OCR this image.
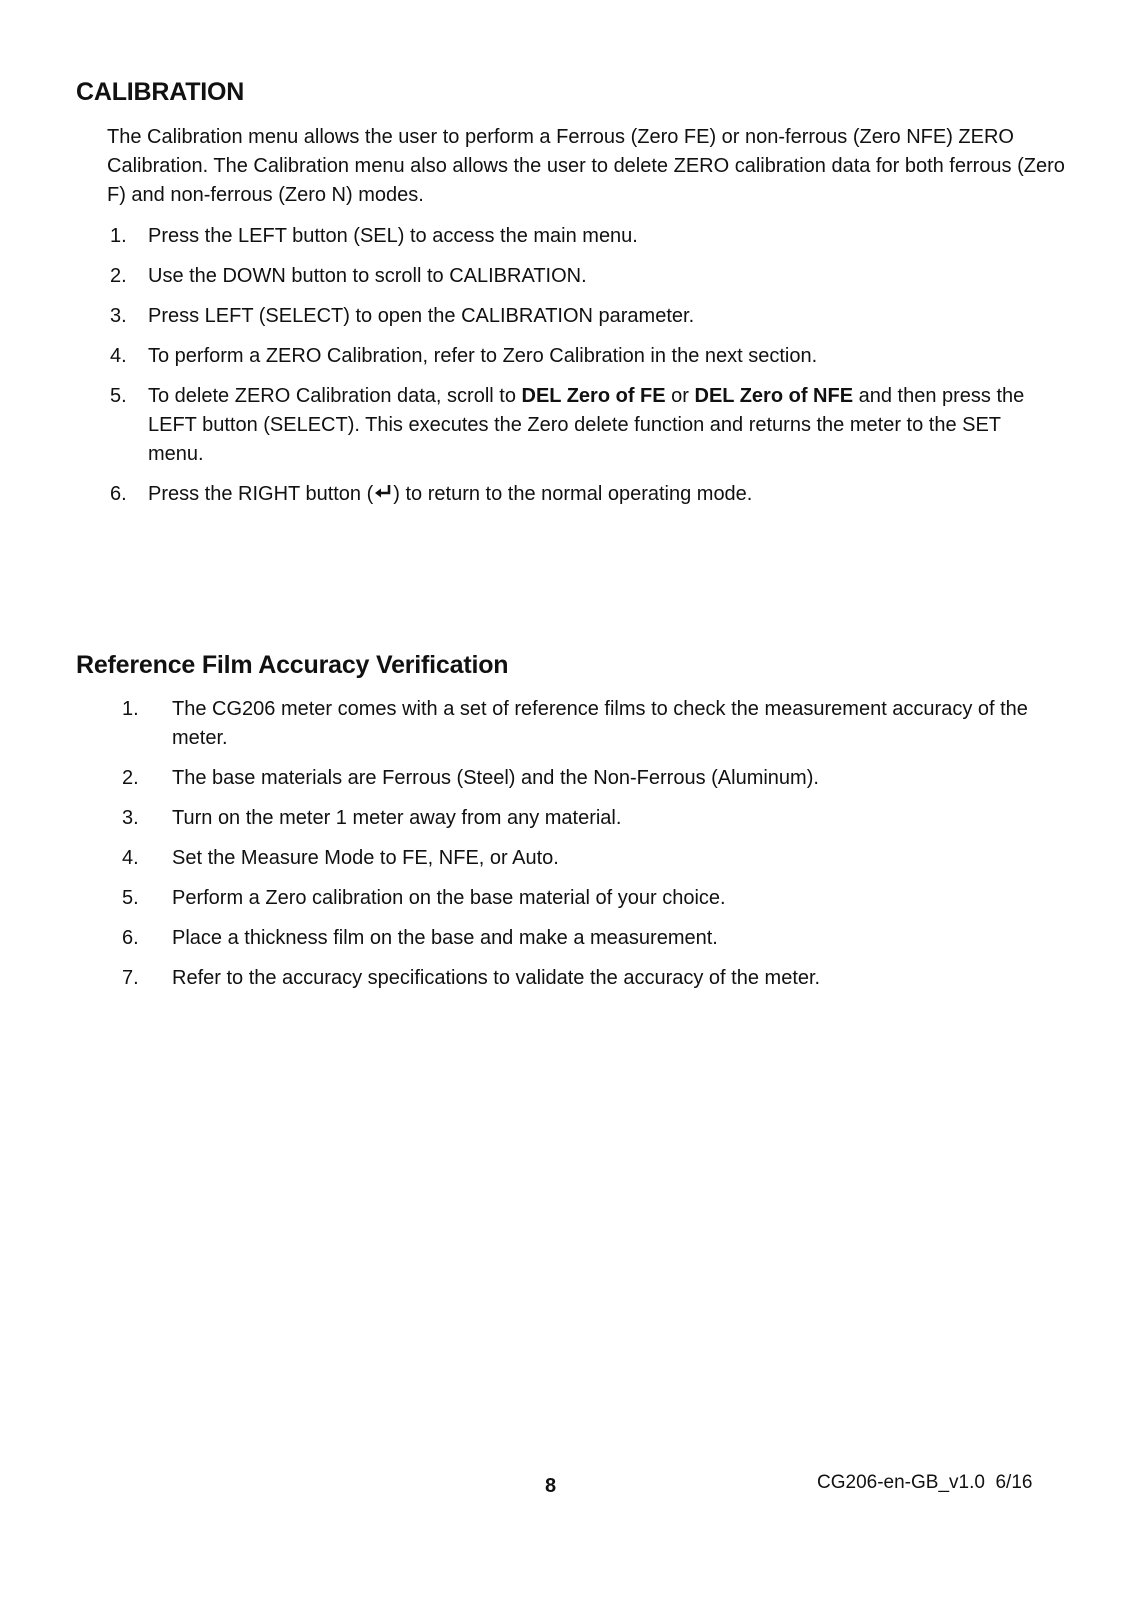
CALIBRATION

The Calibration menu allows the user to perform a Ferrous (Zero FE) or non-ferrous (Zero NFE) ZERO Calibration. The Calibration menu also allows the user to delete ZERO calibration data for both ferrous (Zero F) and non-ferrous (Zero N) modes.

1. Press the LEFT button (SEL) to access the main menu.
2. Use the DOWN button to scroll to CALIBRATION.
3. Press LEFT (SELECT) to open the CALIBRATION parameter.
4. To perform a ZERO Calibration, refer to Zero Calibration in the next section.
5. To delete ZERO Calibration data, scroll to DEL Zero of FE or DEL Zero of NFE and then press the LEFT button (SELECT). This executes the Zero delete function and returns the meter to the SET menu.
6. Press the RIGHT button ( ) to return to the normal operating mode.
Reference Film Accuracy Verification
1. The CG206 meter comes with a set of reference films to check the measurement accuracy of the meter.
2. The base materials are Ferrous (Steel) and the Non-Ferrous (Aluminum).
3. Turn on the meter 1 meter away from any material.
4. Set the Measure Mode to FE, NFE, or Auto.
5. Perform a Zero calibration on the base material of your choice.
6. Place a thickness film on the base and make a measurement.
7. Refer to the accuracy specifications to validate the accuracy of the meter.
8	CG206-en-GB_v1.0  6/16
